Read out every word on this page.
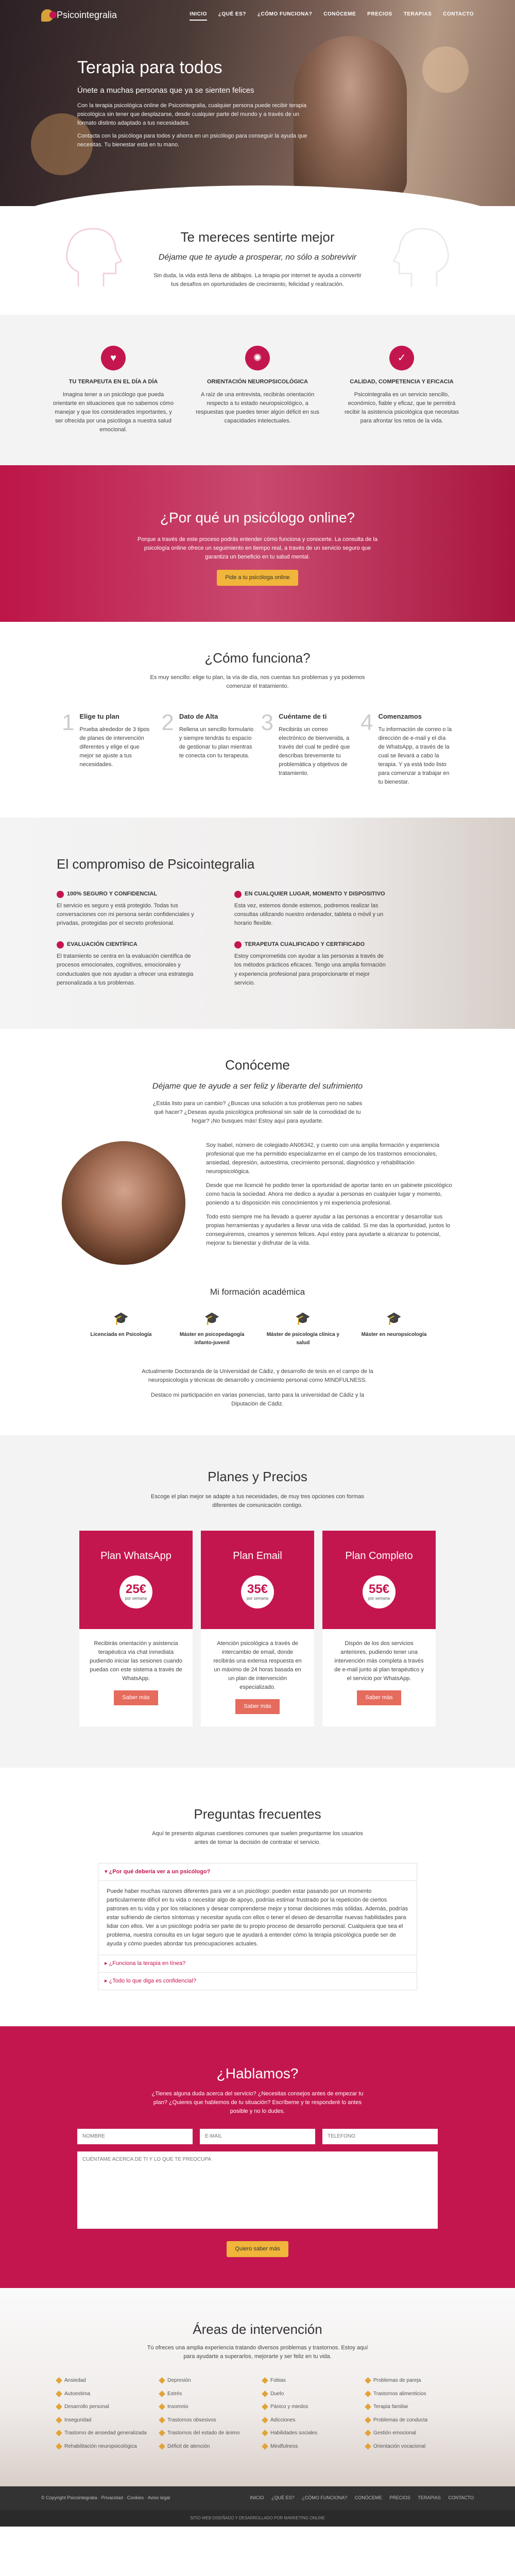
Psicointegralia	INICIO ¿QUÉ ES? ¿CÓMO FUNCIONA? CONÓCEME PRECIOS TERAPIAS CONTACTO
Terapia para todos
Únete a muchas personas que ya se sienten felices

Con la terapia psicológica online de Psicointegralia, cualquier persona puede recibir terapia psicológica sin tener que desplazarse, desde cualquier parte del mundo y a través de un formato distinto adaptado a tus necesidades.

Contacta con la psicóloga para todos y ahorra en un psicólogo para conseguir la ayuda que necesitas. Tu bienestar está en tu mano.

Te mereces sentirte mejor
Déjame que te ayude a prosperar, no sólo a sobrevivir

Sin duda, la vida está llena de altibajos. La terapia por internet te ayuda a convertir tus desafíos en oportunidades de crecimiento, felicidad y realización.

♥
TU TERAPEUTA EN EL DÍA A DÍA

Imagina tener a un psicólogo que pueda orientarte en situaciones que no sabemos cómo manejar y que los considerados importantes, y ser ofrecida por una psicóloga a nuestra salud emocional.

✺
ORIENTACIÓN NEUROPSICOLÓGICA

A raíz de una entrevista, recibirás orientación respecto a tu estado neuropsicológico, a respuestas que puedes tener algún déficit en sus capacidades intelectuales.

✓
CALIDAD, COMPETENCIA Y EFICACIA

Psicointegralia es un servicio sencillo, económico, fiable y eficaz, que te permitirá recibir la asistencia psicológica que necesitas para afrontar los retos de la vida.

¿Por qué un psicólogo online?

Porque a través de este proceso podrás entender cómo funciona y conocerte. La consulta de la psicología online ofrece un seguimiento en tiempo real, a través de un servicio seguro que garantiza un beneficio en tu salud mental.

Pide a tu psicóloga online
¿Cómo funciona?

Es muy sencillo: elige tu plan, la vía de día, nos cuentas tus problemas y ya podemos comenzar el tratamiento.

1 Elige tu plan

Prueba alrededor de 3 tipos de planes de intervención diferentes y elige el que mejor se ajuste a tus necesidades.

2 Dato de Alta

Rellena un sencillo formulario y siempre tendrás tu espacio de gestionar tu plan mientras te conecta con tu terapeuta.

3 Cuéntame de ti

Recibirás un correo electrónico de bienvenida, a través del cual te pediré que describas brevemente tu problemática y objetivos de tratamiento.

4 Comenzamos

Tu información de correo o la dirección de e-mail y el día de WhatsApp, a través de la cual se llevará a cabo la terapia. Y ya está todo listo para comenzar a trabajar en tu bienestar.

El compromiso de Psicointegralia
100% SEGURO Y CONFIDENCIAL

El servicio es seguro y está protegido. Todas tus conversaciones con mi persona serán confidenciales y privadas, protegidas por el secreto profesional.

EN CUALQUIER LUGAR, MOMENTO Y DISPOSITIVO

Esta vez, estemos donde estemos, podremos realizar las consultas utilizando nuestro ordenador, tableta o móvil y un horario flexible.

EVALUACIÓN CIENTÍFICA

El tratamiento se centra en la evaluación científica de procesos emocionales, cognitivos, emocionales y conductuales que nos ayudan a ofrecer una estrategia personalizada a tus problemas.

TERAPEUTA CUALIFICADO Y CERTIFICADO

Estoy comprometida con ayudar a las personas a través de los métodos prácticos eficaces. Tengo una amplia formación y experiencia profesional para proporcionarte el mejor servicio.

Conóceme
Déjame que te ayude a ser feliz y liberarte del sufrimiento

¿Estás listo para un cambio? ¿Buscas una solución a tus problemas pero no sabes qué hacer? ¿Deseas ayuda psicológica profesional sin salir de la comodidad de tu hogar? ¡No busques más! Estoy aquí para ayudarte.

Soy Isabel, número de colegiado AN06342, y cuento con una amplia formación y experiencia profesional que me ha permitido especializarme en el campo de los trastornos emocionales, ansiedad, depresión, autoestima, crecimiento personal, diagnóstico y rehabilitación neuropsicológica.

Desde que me licencié he podido tener la oportunidad de aportar tanto en un gabinete psicológico como hacia la sociedad. Ahora me dedico a ayudar a personas en cualquier lugar y momento, poniendo a tu disposición mis conocimientos y mi experiencia profesional.

Todo esto siempre me ha llevado a querer ayudar a las personas a encontrar y desarrollar sus propias herramientas y ayudarles a llevar una vida de calidad. Si me das la oportunidad, juntos lo conseguiremos, creamos y seremos felices. Aquí estoy para ayudarte a alcanzar tu potencial, mejorar tu bienestar y disfrutar de la vida.

Mi formación académica
🎓
Licenciada en Psicología
🎓
Máster en psicopedagogía infanto-juvenil
🎓
Máster de psicología clínica y salud
🎓
Máster en neuropsicología

Actualmente Doctoranda de la Universidad de Cádiz, y desarrollo de tesis en el campo de la neuropsicología y técnicas de desarrollo y crecimiento personal como MINDFULNESS.

Destaco mi participación en varias ponencias, tanto para la universidad de Cádiz y la Diputación de Cádiz.

Planes y Precios

Escoge el plan mejor se adapte a tus necesidades, de muy tres opciones con formas diferentes de comunicación contigo.

Plan WhatsApp
25€
por semana

Recibirás orientación y asistencia terapéutica via chat inmediata pudiendo iniciar las sesiones cuando puedas con este sistema a través de WhatsApp.

Saber más
Plan Email
35€
por semana

Atención psicológica a través de intercambio de email, donde recibirás una extensa respuesta en un máximo de 24 horas basada en un plan de intervención especializado.

Saber más
Plan Completo
55€
por semana

Dispón de los dos servicios anteriores, pudiendo tener una intervención más completa a través de e-mail junto al plan terapéutico y el servicio por WhatsApp.

Saber más
Preguntas frecuentes

Aquí te presento algunas cuestiones comunes que suelen preguntarme los usuarios antes de tomar la decisión de contratar el servicio.

▾ ¿Por qué debería ver a un psicólogo?
Puede haber muchas razones diferentes para ver a un psicólogo: pueden estar pasando por un momento particularmente difícil en tu vida o necesitar algo de apoyo, podrías estimar frustrado por la repetición de ciertos patrones en tu vida y por los relaciones y desear comprenderse mejor y tomar decisiones más sólidas. Además, podrías estar sufriendo de ciertos síntomas y necesitar ayuda con ellos o tener el deseo de desarrollar nuevas habilidades para lidiar con ellos. Ver a un psicólogo podría ser parte de tu propio proceso de desarrollo personal. Cualquiera que sea el problema, nuestra consulta es un lugar seguro que te ayudará a entender cómo la terapia psicológica puede ser de ayuda y cómo puedes abordar tus preocupaciones actuales.
▸ ¿Funciona la terapia en línea?
▸ ¿Todo lo que diga es confidencial?
¿Hablamos?

¿Tienes alguna duda acerca del servicio? ¿Necesitas consejos antes de empezar tu plan? ¿Quieres que hablemos de tu situación? Escríbeme y te responderé lo antes posible y no lo dudes.

NOMBRE
E-MAIL
TELÉFONO
CUÉNTAME ACERCA DE TI Y LO QUE TE PREOCUPA
Quiero saber más
Áreas de intervención

Tú ofreces una amplia experiencia tratando diversos problemas y trastornos. Estoy aquí para ayudarte a superarlos, mejorarte y ser feliz en tu vida.

Ansiedad	Depresión	Fobias	Problemas de pareja
Autoestima	Estrés	Duelo	Trastornos alimenticios
Desarrollo personal	Insomnio	Pánico y miedos	Terapia familiar
Inseguridad	Trastornos obsesivos	Adicciones	Problemas de conducta
Trastorno de ansiedad generalizada	Trastornos del estado de ánimo	Habilidades sociales	Gestión emocional
Rehabilitación neuropsicológica	Déficit de atención	Mindfulness	Orientación vocacional
© Copyright Psicointegralia · Privacidad · Cookies · Aviso legal	INICIO ¿QUÉ ES? ¿CÓMO FUNCIONA? CONÓCEME PRECIOS TERAPIAS CONTACTO
SITIO WEB DISEÑADO Y DESARROLLADO POR MARKETING ONLINE
